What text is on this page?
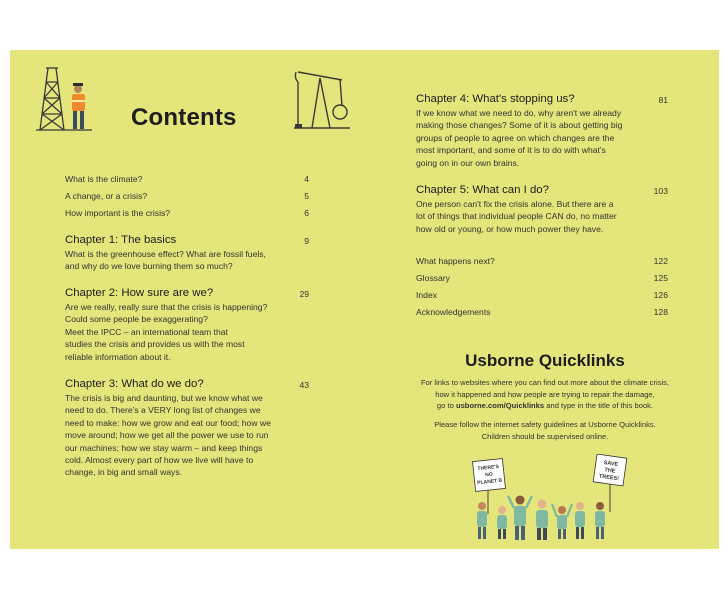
Contents
What is the climate?	4
A change, or a crisis?	5
How important is the crisis?	6
Chapter 1: The basics	9
What is the greenhouse effect? What are fossil fuels,
and why do we love burning them so much?
Chapter 2: How sure are we?	29
Are we really, really sure that the crisis is happening?
Could some people be exaggerating?
Meet the IPCC – an international team that
studies the crisis and provides us with the most
reliable information about it.
Chapter 3: What do we do?	43
The crisis is big and daunting, but we know what we
need to do. There's a VERY long list of changes we
need to make: how we grow and eat our food; how we
move around; how we get all the power we use to run
our machines; how we stay warm – and keep things
cold. Almost every part of how we live will have to
change, in big and small ways.
Chapter 4: What's stopping us?	81
If we know what we need to do, why aren't we already
making those changes? Some of it is about getting big
groups of people to agree on which changes are the
most important, and some of it is to do with what's
going on in our own brains.
Chapter 5: What can I do?	103
One person can't fix the crisis alone. But there are a
lot of things that individual people CAN do, no matter
how old or young, or how much power they have.
What happens next?	122
Glossary	125
Index	126
Acknowledgements	128
Usborne Quicklinks
For links to websites where you can find out more about the climate crisis,
how it happened and how people are trying to repair the damage,
go to usborne.com/Quicklinks and type in the title of this book.
Please follow the internet safety guidelines at Usborne Quicklinks.
Children should be supervised online.
THERE'S
NO
PLANET B
SAVE
THE
TREES!
